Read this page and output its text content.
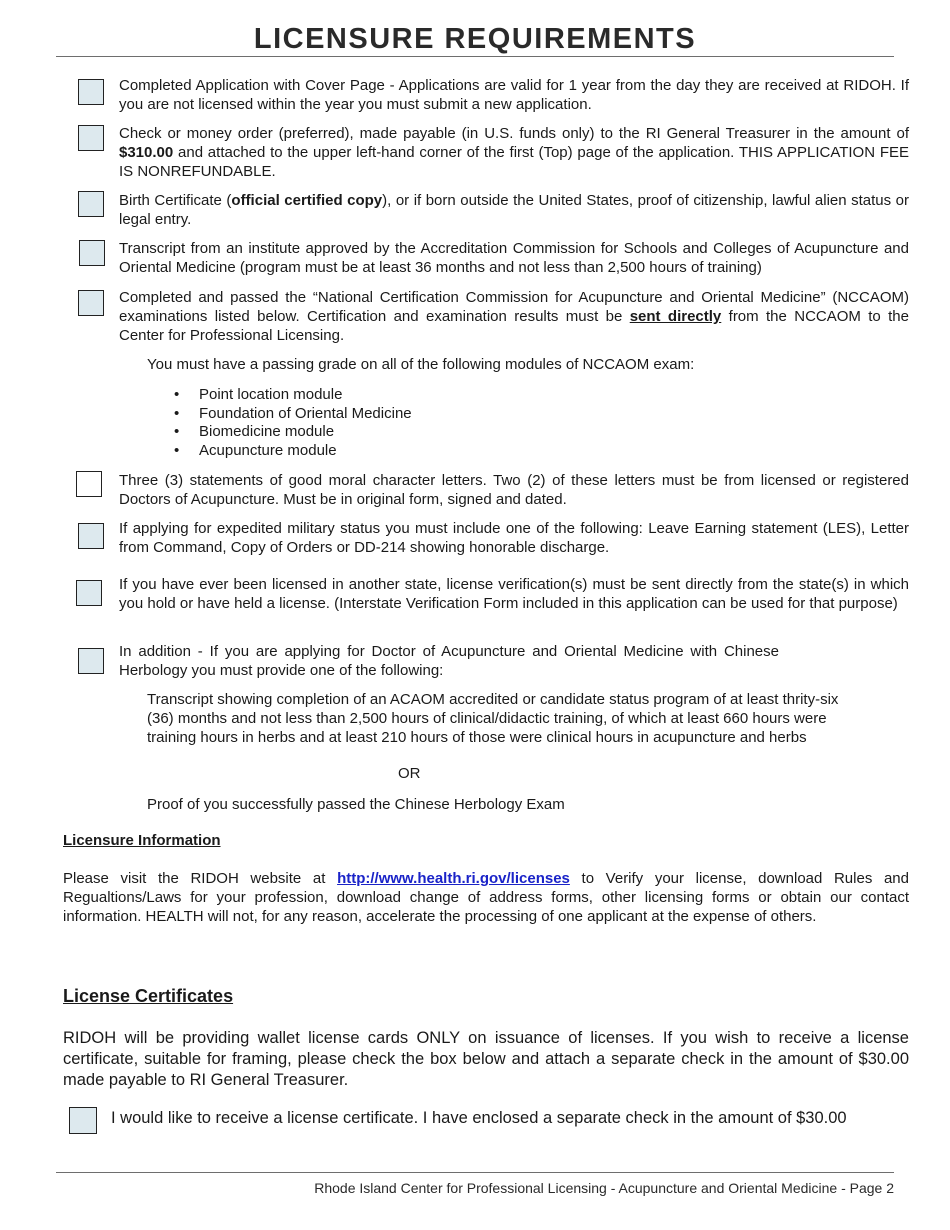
LICENSURE REQUIREMENTS
Completed Application with Cover Page - Applications are valid for 1 year from the day they are received at RIDOH. If you are not licensed within the year you must submit a new application.
Check or money order (preferred), made payable (in U.S. funds only) to the RI General Treasurer in the amount of $310.00 and attached to the upper left-hand corner of the first (Top) page of the application. THIS APPLICATION FEE IS NONREFUNDABLE.
Birth Certificate (official certified copy), or if born outside the United States, proof of citizenship, lawful alien status or legal entry.
Transcript from an institute approved by the Accreditation Commission for Schools and Colleges of Acupuncture and Oriental Medicine (program must be at least 36 months and not less than 2,500 hours of training)
Completed and passed the “National Certification Commission for Acupuncture and Oriental Medicine” (NCCAOM) examinations listed below. Certification and examination results must be sent directly from the NCCAOM to the Center for Professional Licensing.
You must have a passing grade on all of the following modules of NCCAOM exam:
• Point location module
• Foundation of Oriental Medicine
• Biomedicine module
• Acupuncture module
Three (3) statements of good moral character letters. Two (2) of these letters must be from licensed or registered Doctors of Acupuncture. Must be in original form, signed and dated.
If applying for expedited military status you must include one of the following: Leave Earning statement (LES), Letter from Command, Copy of Orders or DD-214 showing honorable discharge.
If you have ever been licensed in another state, license verification(s) must be sent directly from the state(s) in which you hold or have held a license. (Interstate Verification Form included in this application can be used for that purpose)
In addition - If you are applying for Doctor of Acupuncture and Oriental Medicine with Chinese Herbology you must provide one of the following:
Transcript showing completion of an ACAOM accredited or candidate status program of at least thrity-six (36) months and not less than 2,500 hours of clinical/didactic training, of which at least 660 hours were training hours in herbs and at least 210 hours of those were clinical hours in acupuncture and herbs
OR
Proof of you successfully passed the Chinese Herbology Exam
Licensure Information
Please visit the RIDOH website at http://www.health.ri.gov/licenses to Verify your license, download Rules and Regualtions/Laws for your profession, download change of address forms, other licensing forms or obtain our contact information. HEALTH will not, for any reason, accelerate the processing of one applicant at the expense of others.
License Certificates
RIDOH will be providing wallet license cards ONLY on issuance of licenses. If you wish to receive a license certificate, suitable for framing, please check the box below and attach a separate check in the amount of $30.00 made payable to RI General Treasurer.
I would like to receive a license certificate. I have enclosed a separate check in the amount of $30.00
Rhode Island Center for Professional Licensing - Acupuncture and Oriental Medicine - Page 2
